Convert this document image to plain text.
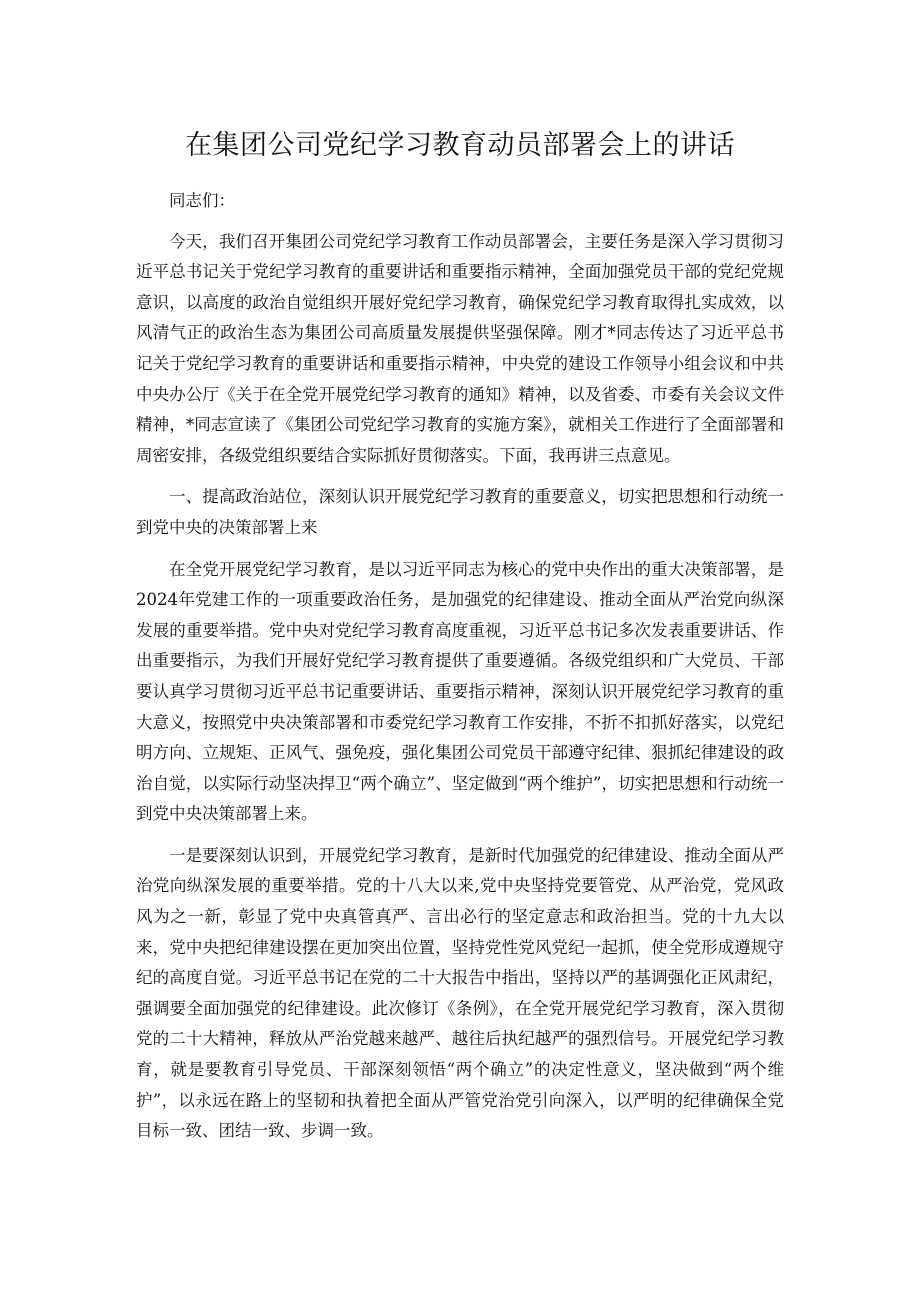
在集团公司党纪学习教育动员部署会上的讲话

同志们：

今天，我们召开集团公司党纪学习教育工作动员部署会，主要任务是深入学习贯彻习近平总书记关于党纪学习教育的重要讲话和重要指示精神，全面加强党员干部的党纪党规意识，以高度的政治自觉组织开展好党纪学习教育，确保党纪学习教育取得扎实成效，以风清气正的政治生态为集团公司高质量发展提供坚强保障。刚才*同志传达了习近平总书记关于党纪学习教育的重要讲话和重要指示精神，中央党的建设工作领导小组会议和中共中央办公厅《关于在全党开展党纪学习教育的通知》精神，以及省委、市委有关会议文件精神，*同志宣读了《集团公司党纪学习教育的实施方案》，就相关工作进行了全面部署和周密安排，各级党组织要结合实际抓好贯彻落实。下面，我再讲三点意见。

一、提高政治站位，深刻认识开展党纪学习教育的重要意义，切实把思想和行动统一到党中央的决策部署上来

在全党开展党纪学习教育，是以习近平同志为核心的党中央作出的重大决策部署，是2024年党建工作的一项重要政治任务，是加强党的纪律建设、推动全面从严治党向纵深发展的重要举措。党中央对党纪学习教育高度重视，习近平总书记多次发表重要讲话、作出重要指示，为我们开展好党纪学习教育提供了重要遵循。各级党组织和广大党员、干部要认真学习贯彻习近平总书记重要讲话、重要指示精神，深刻认识开展党纪学习教育的重大意义，按照党中央决策部署和市委党纪学习教育工作安排，不折不扣抓好落实，以党纪明方向、立规矩、正风气、强免疫，强化集团公司党员干部遵守纪律、狠抓纪律建设的政治自觉，以实际行动坚决捍卫“两个确立”、坚定做到“两个维护”，切实把思想和行动统一到党中央决策部署上来。

一是要深刻认识到，开展党纪学习教育，是新时代加强党的纪律建设、推动全面从严治党向纵深发展的重要举措。党的十八大以来,党中央坚持党要管党、从严治党，党风政风为之一新，彰显了党中央真管真严、言出必行的坚定意志和政治担当。党的十九大以来，党中央把纪律建设摆在更加突出位置，坚持党性党风党纪一起抓，使全党形成遵规守纪的高度自觉。习近平总书记在党的二十大报告中指出，坚持以严的基调强化正风肃纪，强调要全面加强党的纪律建设。此次修订《条例》，在全党开展党纪学习教育，深入贯彻党的二十大精神，释放从严治党越来越严、越往后执纪越严的强烈信号。开展党纪学习教育，就是要教育引导党员、干部深刻领悟“两个确立”的决定性意义，坚决做到“两个维护”，以永远在路上的坚韧和执着把全面从严管党治党引向深入，以严明的纪律确保全党目标一致、团结一致、步调一致。
